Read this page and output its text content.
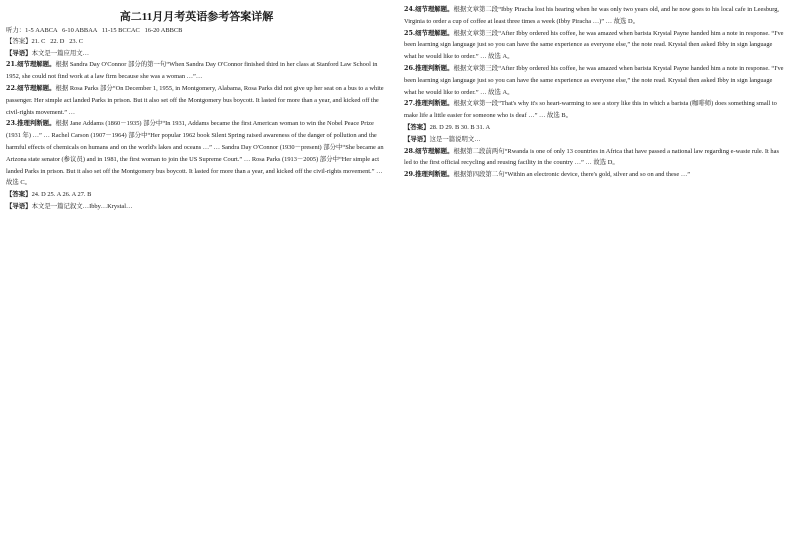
高二11月月考英语参考答案详解

听力：1-5 AABCA   6-10 ABBAA   11-15 BCCAC   16-20 ABBCB

【答案】21. C   22. D   23. C

【导语】本文是一篇应用文…

21.细节理解题。根据 Sandra Day O'Connor 部分的第一句“When Sandra Day O'Connor finished third in her class at Stanford Law School in 1952, she could not find work at a law firm because she was a woman …”…

22.细节理解题。根据 Rosa Parks 部分“On December 1, 1955, in Montgomery, Alabama, Rosa Parks did not give up her seat on a bus to a white passenger. Her simple act landed Parks in prison. But it also set off the Montgomery bus boycott. It lasted for more than a year, and kicked off the civil-rights movement.” …

23.推理判断题。根据 Jane Addams (1860－1935) 部分中“In 1931, Addams became the first American woman to win the Nobel Peace Prize (1931 年) …” … Rachel Carson (1907－1964) 部分中“Her popular 1962 book Silent Spring raised awareness of the danger of pollution and the harmful effects of chemicals on humans and on the world's lakes and oceans …” … Sandra Day O'Connor (1930－present) 部分中“She became an Arizona state senator (参议员) and in 1981, the first woman to join the US Supreme Court.” … Rosa Parks (1913－2005) 部分中“Her simple act landed Parks in prison. But it also set off the Montgomery bus boycott. It lasted for more than a year, and kicked off the civil-rights movement.” … 故选 C。

【答案】24. D 25. A 26. A 27. B

【导语】本文是一篇记叙文…Ibby…Krystal…

24.细节理解题。根据文章第二段“Ibby Piracha lost his hearing when he was only two years old, and he now goes to his local cafe in Leesburg, Virginia to order a cup of coffee at least three times a week (Ibby Piracha …)” … 故选 D。

25.细节理解题。根据文章第三段“After Ibby ordered his coffee, he was amazed when barista Krystal Payne handed him a note in response. “I've been learning sign language just so you can have the same experience as everyone else,” the note read. Krystal then asked Ibby in sign language what he would like to order.” … 故选 A。

26.推理判断题。根据文章第三段“After Ibby ordered his coffee, he was amazed when barista Krystal Payne handed him a note in response. “I've been learning sign language just so you can have the same experience as everyone else,” the note read. Krystal then asked Ibby in sign language what he would like to order.” … 故选 A。

27.推理判断题。根据文章第一段“That's why it's so heart-warming to see a story like this in which a barista (咖啡师) does something small to make life a little easier for someone who is deaf …” … 故选 B。

【答案】28. D 29. B 30. B 31. A

【导语】这是一篇说明文…

28.细节理解题。根据第二段前两句“Rwanda is one of only 13 countries in Africa that have passed a national law regarding e-waste rule. It has led to the first official recycling and reusing facility in the country …” … 故选 D。

29.推理判断题。根据第四段第二句“Within an electronic device, there's gold, silver and so on and these …”
